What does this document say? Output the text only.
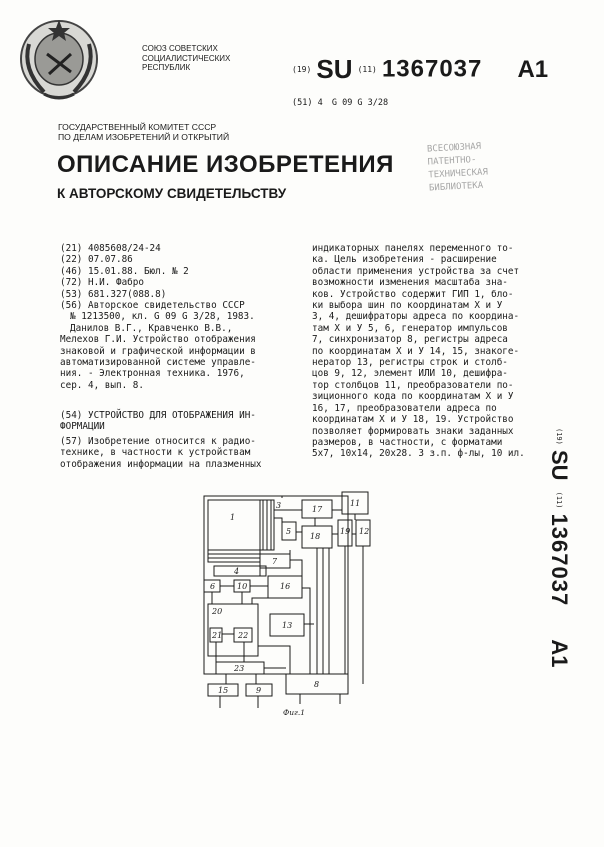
СОЮЗ СОВЕТСКИХ
СОЦИАЛИСТИЧЕСКИХ
РЕСПУБЛИК	(19) SU (11) 1367037 A1
(51) 4 G 09 G 3/28
ГОСУДАРСТВЕННЫЙ КОМИТЕТ СССР
ПО ДЕЛАМ ИЗОБРЕТЕНИЙ И ОТКРЫТИЙ
ОПИСАНИЕ ИЗОБРЕТЕНИЯ
К АВТОРСКОМУ СВИДЕТЕЛЬСТВУ
ВСЕСОЮЗНАЯ
ПАТЕНТНО-
ТЕХНИЧЕСКАЯ
БИБЛИОТЕКА
(21) 4085608/24-24
(22) 07.07.86
(46) 15.01.88. Бюл. № 2
(72) Н.И. Фабро
(53) 681.327(088.8)
(56) Авторское свидетельство СССР
№ 1213500, кл. G 09 G 3/28, 1983.
Данилов В.Г., Кравченко В.В.,
Мелехов Г.И. Устройство отображения
знаковой и графической информации в
автоматизированной системе управле-
ния. - Электронная техника. 1976,
сер. 4, вып. 8.
(54) УСТРОЙСТВО ДЛЯ ОТОБРАЖЕНИЯ ИН-
ФОРМАЦИИ
(57) Изобретение относится к радио-
технике, в частности к устройствам
отображения информации на плазменных
индикаторных панелях переменного то-
ка. Цель изобретения - расширение
области применения устройства за счет
возможности изменения масштаба зна-
ков. Устройство содержит ГИП 1, бло-
ки выбора шин по координатам X и У
3, 4, дешифраторы адреса по координа-
там X и У 5, 6, генератор импульсов
7, синхронизатор 8, регистры адреса
по координатам X и У 14, 15, знакоге-
нератор 13, регистры строк и столб-
цов 9, 12, элемент ИЛИ 10, дешифра-
тор столбцов 11, преобразователи по-
зиционного кода по координатам X и У
16, 17, преобразователи адреса по
координатам X и У 18, 19. Устройство
позволяет формировать знаки заданных
размеров, в частности, с форматами
5x7, 10x14, 20x28. 3 з.п. ф-лы, 10 ил.
(19) SU (11) 1367037 A1
1
3
4
5
6
7
8
9
10
11
12
13
15
16
17
18
19
20
21 22
23
Фиг.1
